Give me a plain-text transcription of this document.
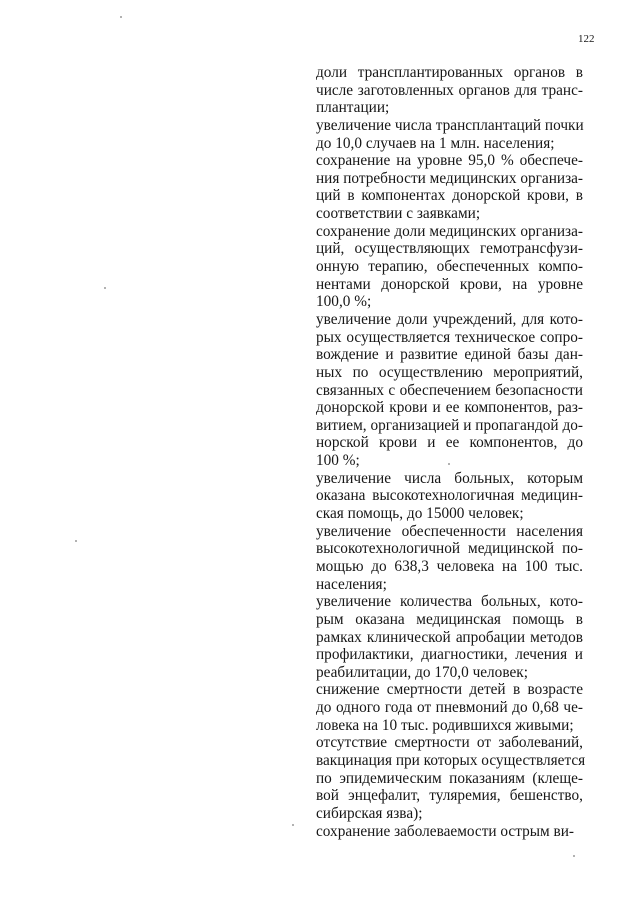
122
доли трансплантированных органов в
числе заготовленных органов для транс-
плантации;
увеличение числа трансплантаций почки
до 10,0 случаев на 1 млн. населения;
сохранение на уровне 95,0 % обеспече-
ния потребности медицинских организа-
ций в компонентах донорской крови, в
соответствии с заявками;
сохранение доли медицинских организа-
ций, осуществляющих гемотрансфузи-
онную терапию, обеспеченных компо-
нентами донорской крови, на уровне
100,0 %;
увеличение доли учреждений, для кото-
рых осуществляется техническое сопро-
вождение и развитие единой базы дан-
ных по осуществлению мероприятий,
связанных с обеспечением безопасности
донорской крови и ее компонентов, раз-
витием, организацией и пропагандой до-
норской крови и ее компонентов, до
100 %;
увеличение числа больных, которым
оказана высокотехнологичная медицин-
ская помощь, до 15000 человек;
увеличение обеспеченности населения
высокотехнологичной медицинской по-
мощью до 638,3 человека на 100 тыс.
населения;
увеличение количества больных, кото-
рым оказана медицинская помощь в
рамках клинической апробации методов
профилактики, диагностики, лечения и
реабилитации, до 170,0 человек;
снижение смертности детей в возрасте
до одного года от пневмоний до 0,68 че-
ловека на 10 тыс. родившихся живыми;
отсутствие смертности от заболеваний,
вакцинация при которых осуществляется
по эпидемическим показаниям (клеще-
вой энцефалит, туляремия, бешенство,
сибирская язва);
сохранение заболеваемости острым ви-
